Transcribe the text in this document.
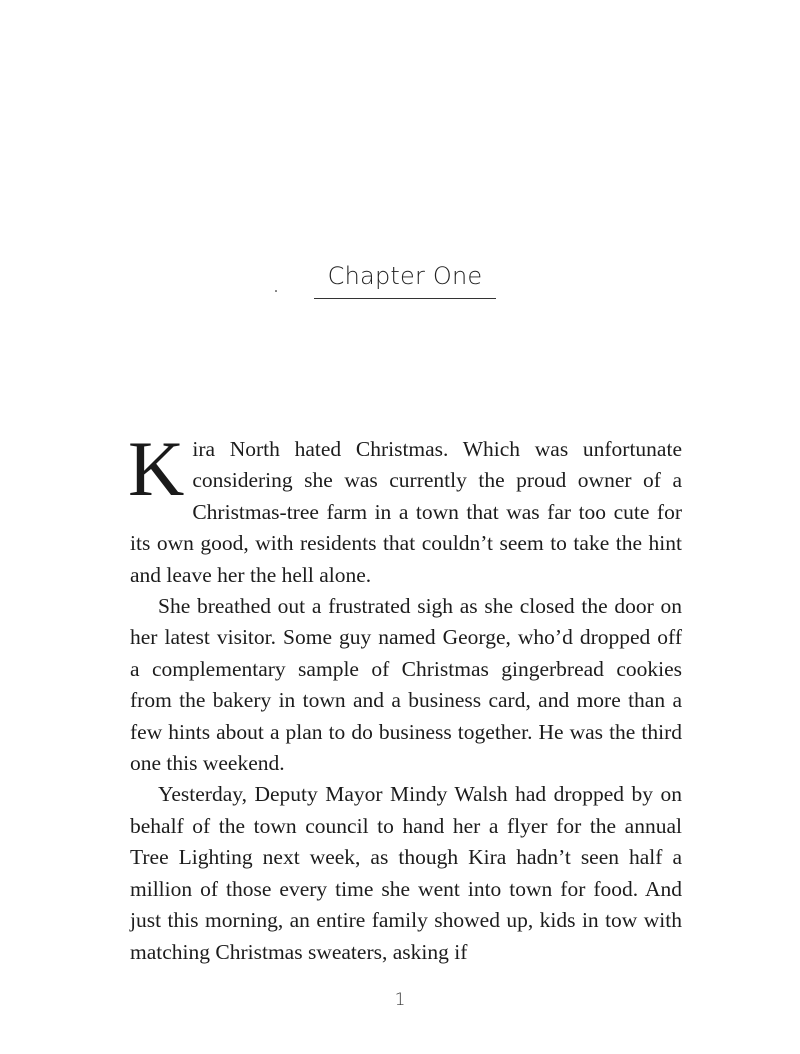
Chapter One

Kira North hated Christmas. Which was unfortunate considering she was currently the proud owner of a Christmas-tree farm in a town that was far too cute for its own good, with residents that couldn’t seem to take the hint and leave her the hell alone.

She breathed out a frustrated sigh as she closed the door on her latest visitor. Some guy named George, who’d dropped off a complementary sample of Christmas gingerbread cookies from the bakery in town and a business card, and more than a few hints about a plan to do business together. He was the third one this weekend.

Yesterday, Deputy Mayor Mindy Walsh had dropped by on behalf of the town council to hand her a flyer for the annual Tree Lighting next week, as though Kira hadn’t seen half a million of those every time she went into town for food. And just this morning, an entire family showed up, kids in tow with matching Christmas sweaters, asking if

1
